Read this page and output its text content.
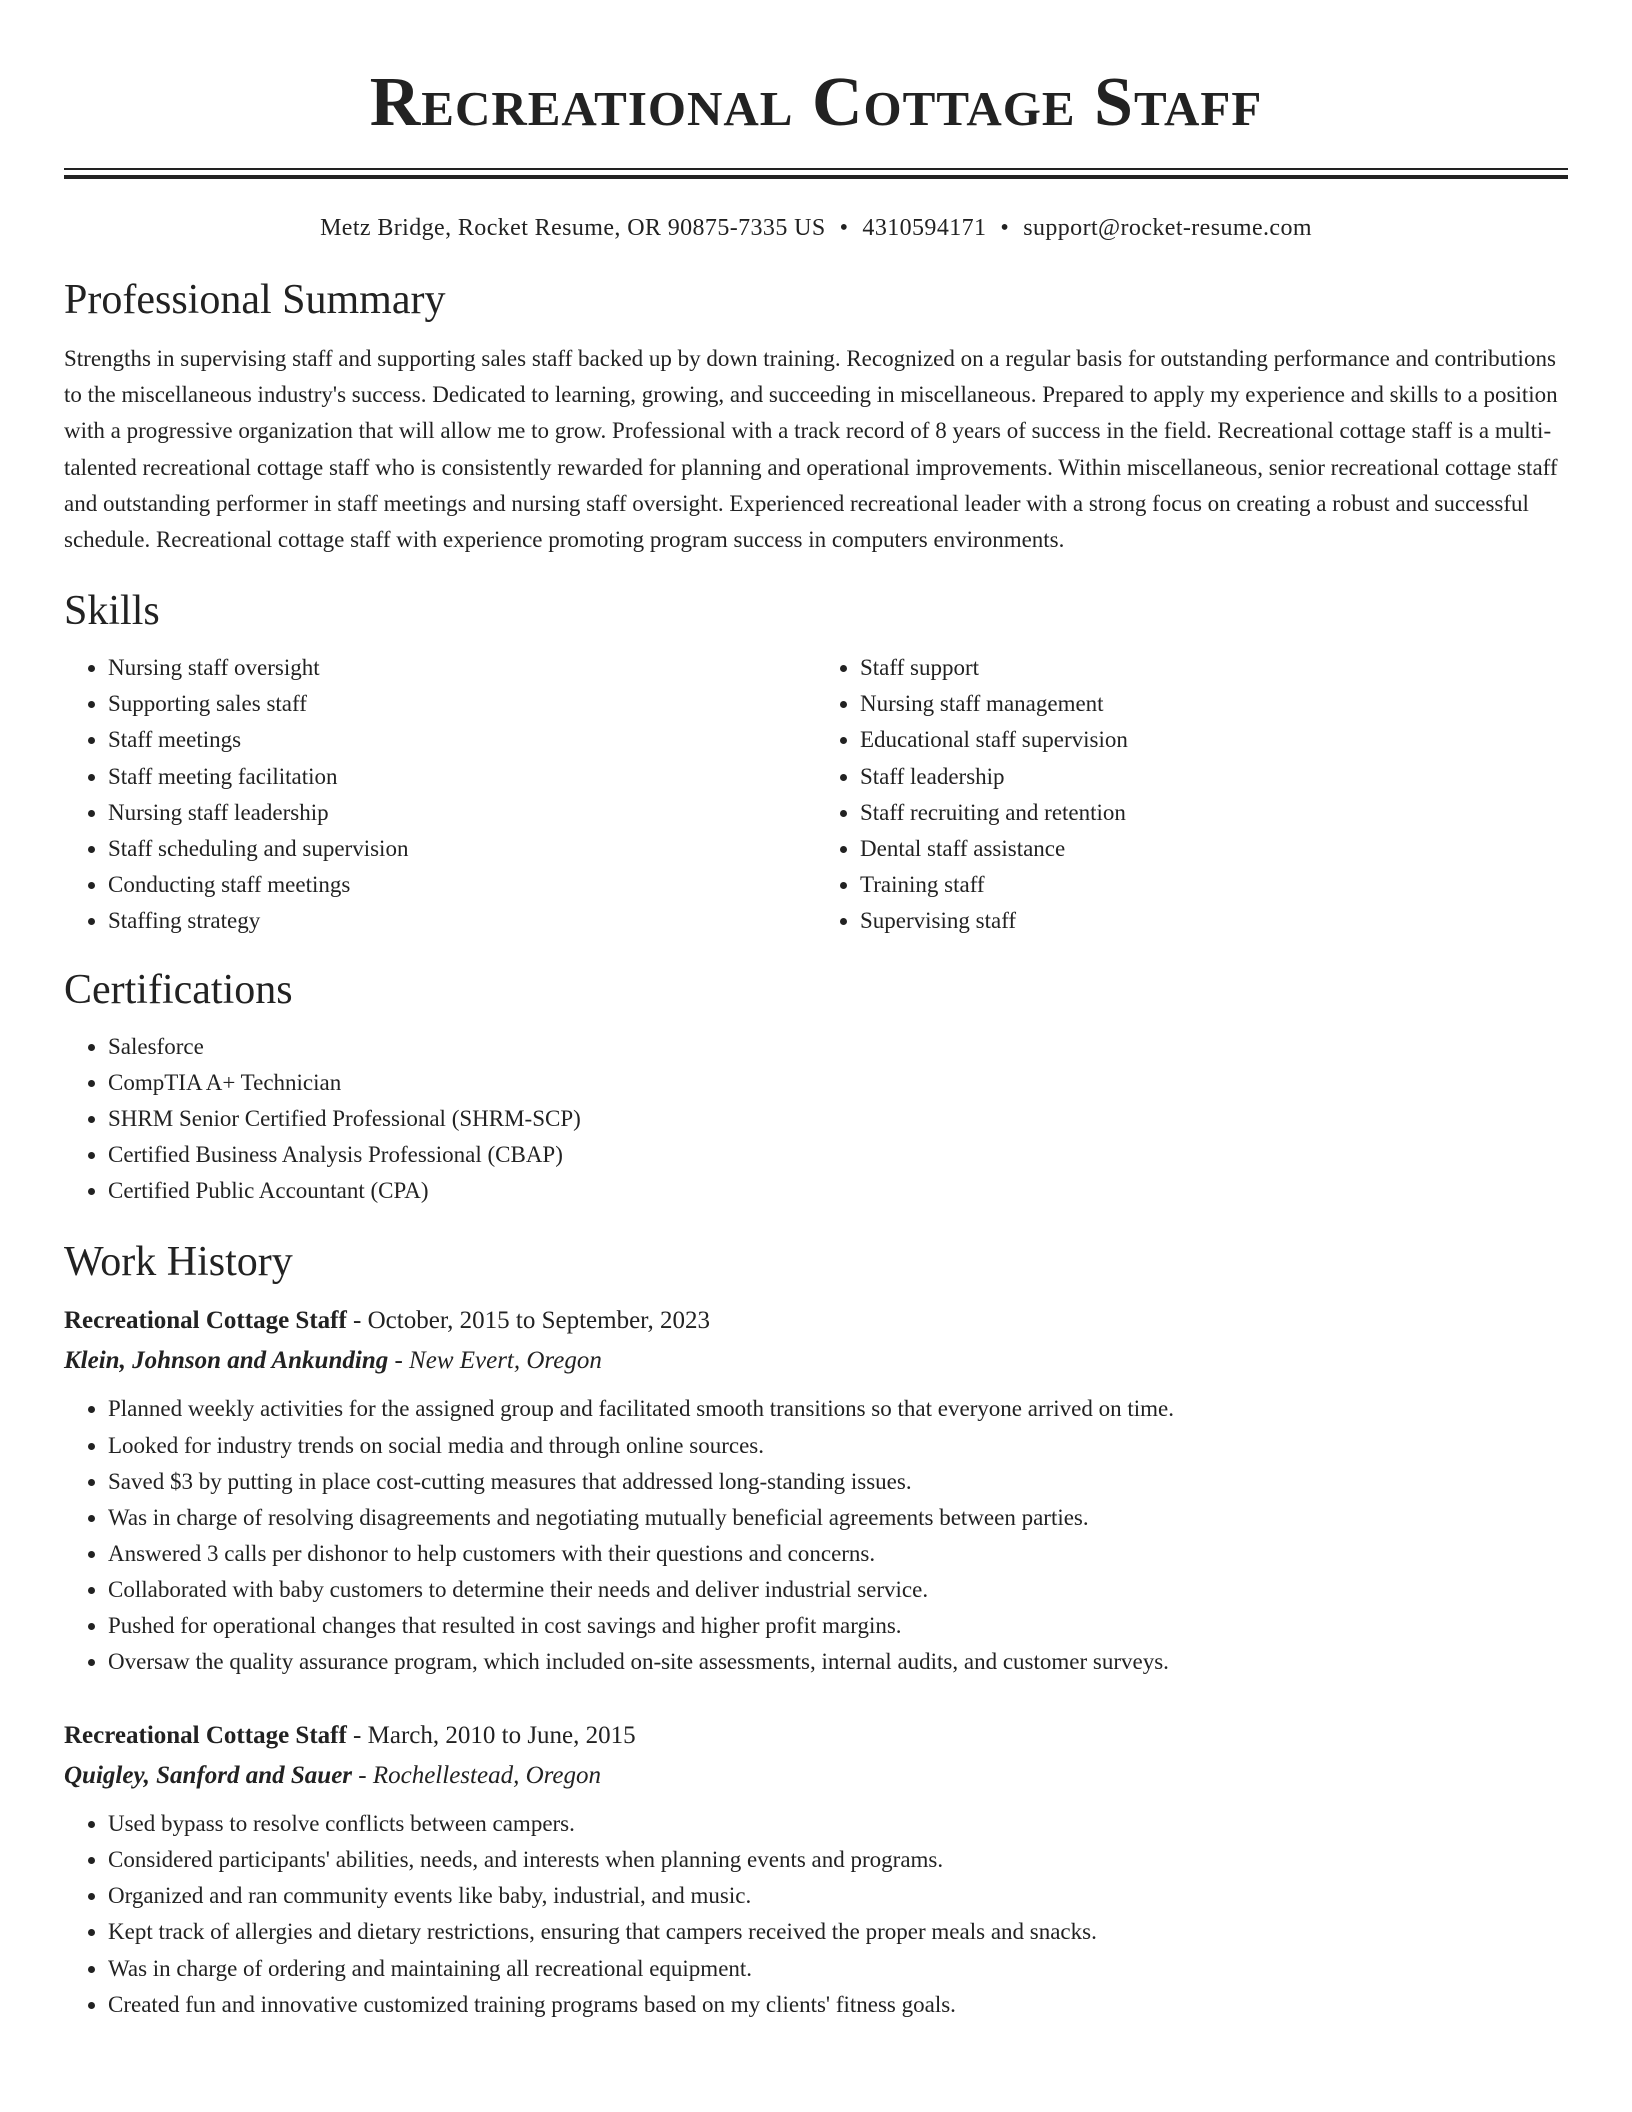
Recreational Cottage Staff
Metz Bridge, Rocket Resume, OR 90875-7335 US • 4310594171 • support@rocket-resume.com
Professional Summary

Strengths in supervising staff and supporting sales staff backed up by down training. Recognized on a regular basis for outstanding performance and contributions to the miscellaneous industry's success. Dedicated to learning, growing, and succeeding in miscellaneous. Prepared to apply my experience and skills to a position with a progressive organization that will allow me to grow. Professional with a track record of 8 years of success in the field. Recreational cottage staff is a multi-talented recreational cottage staff who is consistently rewarded for planning and operational improvements. Within miscellaneous, senior recreational cottage staff and outstanding performer in staff meetings and nursing staff oversight. Experienced recreational leader with a strong focus on creating a robust and successful schedule. Recreational cottage staff with experience promoting program success in computers environments.

Skills
• Nursing staff oversight
• Supporting sales staff
• Staff meetings
• Staff meeting facilitation
• Nursing staff leadership
• Staff scheduling and supervision
• Conducting staff meetings
• Staffing strategy
• Staff support
• Nursing staff management
• Educational staff supervision
• Staff leadership
• Staff recruiting and retention
• Dental staff assistance
• Training staff
• Supervising staff
Certifications
• Salesforce
• CompTIA A+ Technician
• SHRM Senior Certified Professional (SHRM-SCP)
• Certified Business Analysis Professional (CBAP)
• Certified Public Accountant (CPA)
Work History
Recreational Cottage Staff - October, 2015 to September, 2023
Klein, Johnson and Ankunding - New Evert, Oregon
• Planned weekly activities for the assigned group and facilitated smooth transitions so that everyone arrived on time.
• Looked for industry trends on social media and through online sources.
• Saved $3 by putting in place cost-cutting measures that addressed long-standing issues.
• Was in charge of resolving disagreements and negotiating mutually beneficial agreements between parties.
• Answered 3 calls per dishonor to help customers with their questions and concerns.
• Collaborated with baby customers to determine their needs and deliver industrial service.
• Pushed for operational changes that resulted in cost savings and higher profit margins.
• Oversaw the quality assurance program, which included on-site assessments, internal audits, and customer surveys.
Recreational Cottage Staff - March, 2010 to June, 2015
Quigley, Sanford and Sauer - Rochellestead, Oregon
• Used bypass to resolve conflicts between campers.
• Considered participants' abilities, needs, and interests when planning events and programs.
• Organized and ran community events like baby, industrial, and music.
• Kept track of allergies and dietary restrictions, ensuring that campers received the proper meals and snacks.
• Was in charge of ordering and maintaining all recreational equipment.
• Created fun and innovative customized training programs based on my clients' fitness goals.
